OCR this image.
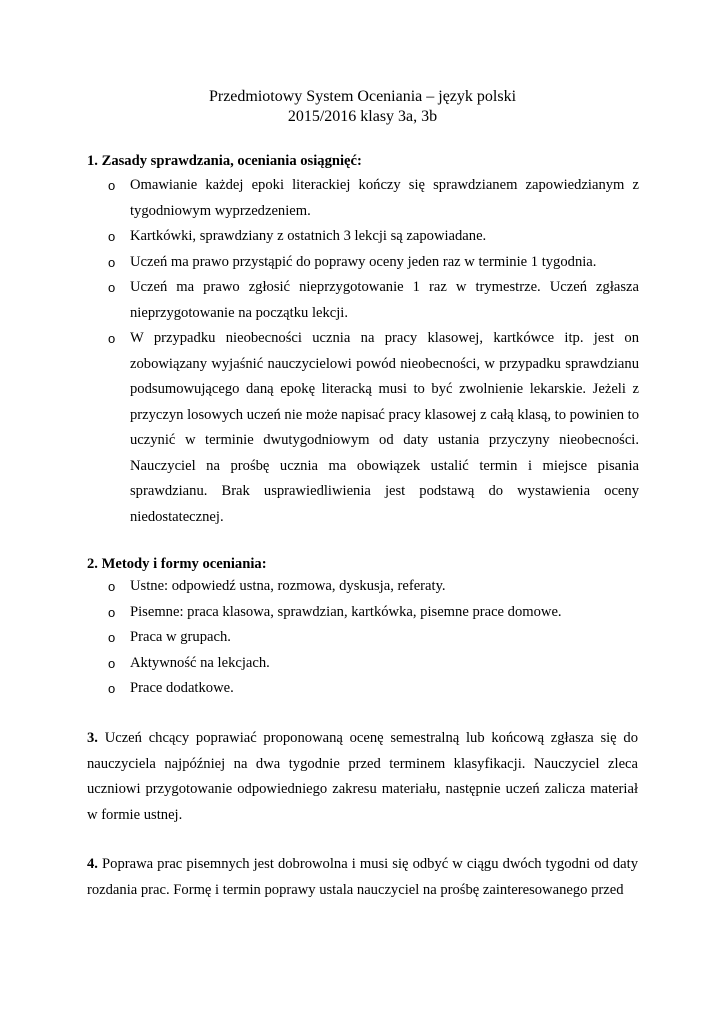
Przedmiotowy System Oceniania – język polski
2015/2016 klasy 3a, 3b
1. Zasady sprawdzania, oceniania osiągnięć:
o Omawianie każdej epoki literackiej kończy się sprawdzianem zapowiedzianym z tygodniowym wyprzedzeniem.
o Kartkówki, sprawdziany z ostatnich 3 lekcji są zapowiadane.
o Uczeń ma prawo przystąpić do poprawy oceny jeden raz w terminie 1 tygodnia.
o Uczeń ma prawo zgłosić nieprzygotowanie 1 raz w trymestrze. Uczeń zgłasza nieprzygotowanie na początku lekcji.
o W przypadku nieobecności ucznia na pracy klasowej, kartkówce itp. jest on zobowiązany wyjaśnić nauczycielowi powód nieobecności, w przypadku sprawdzianu podsumowującego daną epokę literacką musi to być zwolnienie lekarskie. Jeżeli z przyczyn losowych uczeń nie może napisać pracy klasowej z całą klasą, to powinien to uczynić w terminie dwutygodniowym od daty ustania przyczyny nieobecności. Nauczyciel na prośbę ucznia ma obowiązek ustalić termin i miejsce pisania sprawdzianu. Brak usprawiedliwienia jest podstawą do wystawienia oceny niedostatecznej.
2. Metody i formy oceniania:
o Ustne: odpowiedź ustna, rozmowa, dyskusja, referaty.
o Pisemne: praca klasowa, sprawdzian, kartkówka, pisemne prace domowe.
o Praca w grupach.
o Aktywność na lekcjach.
o Prace dodatkowe.
3. Uczeń chcący poprawiać proponowaną ocenę semestralną lub końcową zgłasza się do nauczyciela najpóźniej na dwa tygodnie przed terminem klasyfikacji. Nauczyciel zleca uczniowi przygotowanie odpowiedniego zakresu materiału, następnie uczeń zalicza materiał w formie ustnej.
4. Poprawa prac pisemnych jest dobrowolna i musi się odbyć w ciągu dwóch tygodni od daty rozdania prac. Formę i termin poprawy ustala nauczyciel na prośbę zainteresowanego przed
